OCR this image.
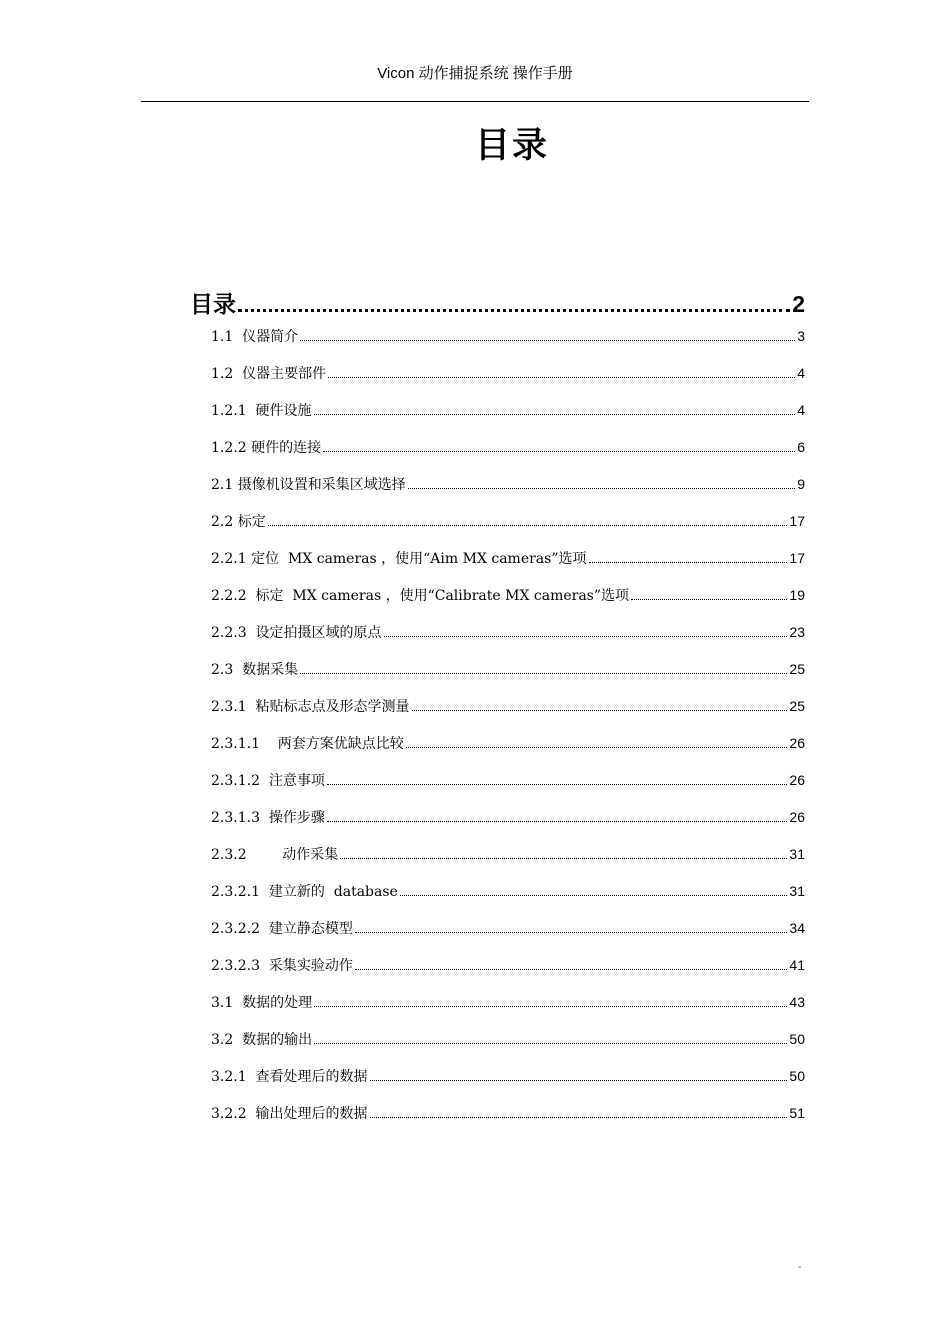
Vicon 动作捕捉系统 操作手册
目录
目录	2
1.1  仪器简介	3
1.2  仪器主要部件	4
1.2.1  硬件设施	4
1.2.2 硬件的连接	6
2.1 摄像机设置和采集区域选择	9
2.2 标定	17
2.2.1 定位  MX cameras ，使用“Aim MX cameras”选项	17
2.2.2  标定  MX cameras ，使用“Calibrate MX cameras”选项	19
2.2.3  设定拍摄区域的原点	23
2.3  数据采集	25
2.3.1  粘贴标志点及形态学测量	25
2.3.1.1    两套方案优缺点比较	26
2.3.1.2  注意事项	26
2.3.1.3  操作步骤	26
2.3.2        动作采集	31
2.3.2.1  建立新的  database	31
2.3.2.2  建立静态模型	34
2.3.2.3  采集实验动作	41
3.1  数据的处理	43
3.2  数据的输出	50
3.2.1  查看处理后的数据	50
3.2.2  输出处理后的数据	51
-
